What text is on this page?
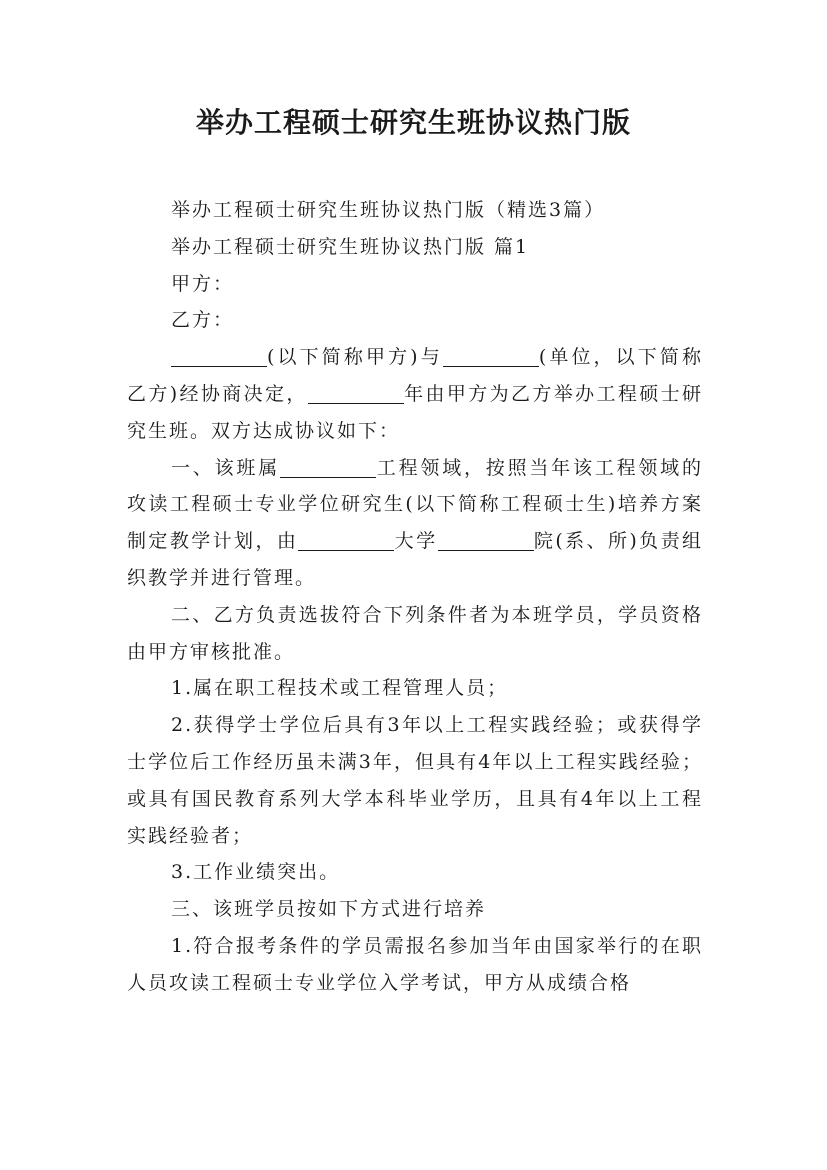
举办工程硕士研究生班协议热门版

举办工程硕士研究生班协议热门版（精选3篇）

举办工程硕士研究生班协议热门版 篇1

甲方：

乙方：

(以下简称甲方)与	(单位，以下简称乙方)经协商决定，	年由甲方为乙方举办工程硕士研究生班。双方达成协议如下：

一、该班属	工程领域，按照当年该工程领域的攻读工程硕士专业学位研究生(以下简称工程硕士生)培养方案制定教学计划，由	大学	院(系、所)负责组织教学并进行管理。

二、乙方负责选拔符合下列条件者为本班学员，学员资格由甲方审核批准。

1.属在职工程技术或工程管理人员；

2.获得学士学位后具有3年以上工程实践经验；或获得学士学位后工作经历虽未满3年，但具有4年以上工程实践经验；或具有国民教育系列大学本科毕业学历，且具有4年以上工程实践经验者；

3.工作业绩突出。

三、该班学员按如下方式进行培养

1.符合报考条件的学员需报名参加当年由国家举行的在职人员攻读工程硕士专业学位入学考试，甲方从成绩合格
